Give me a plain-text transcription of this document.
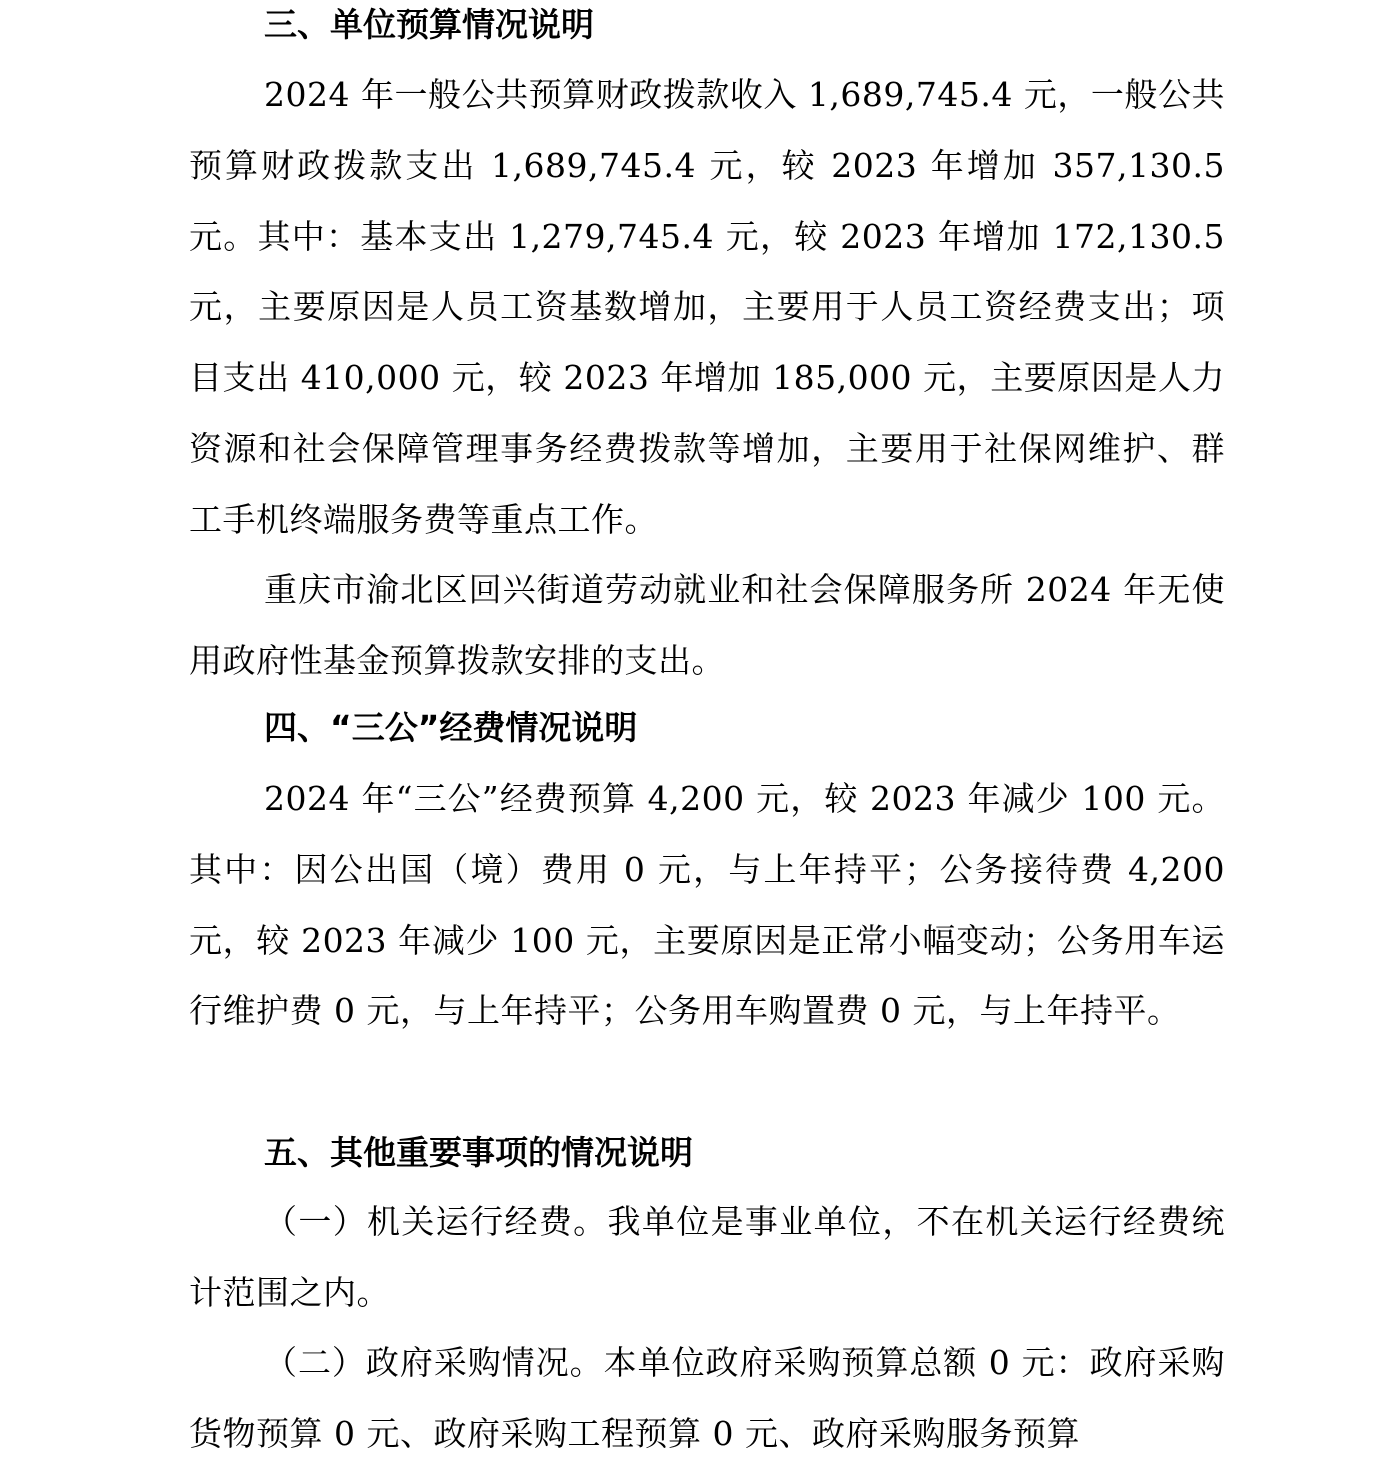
三、单位预算情况说明

2024 年一般公共预算财政拨款收入 1,689,745.4 元，一般公共预算财政拨款支出 1,689,745.4 元，较 2023 年增加 357,130.5 元。其中：基本支出 1,279,745.4 元，较 2023 年增加 172,130.5 元，主要原因是人员工资基数增加，主要用于人员工资经费支出；项目支出 410,000 元，较 2023 年增加 185,000 元，主要原因是人力资源和社会保障管理事务经费拨款等增加，主要用于社保网维护、群工手机终端服务费等重点工作。

重庆市渝北区回兴街道劳动就业和社会保障服务所 2024 年无使用政府性基金预算拨款安排的支出。

四、“三公”经费情况说明

2024 年“三公”经费预算 4,200 元，较 2023 年减少 100 元。其中：因公出国（境）费用 0 元，与上年持平；公务接待费 4,200 元，较 2023 年减少 100 元，主要原因是正常小幅变动；公务用车运行维护费 0 元，与上年持平；公务用车购置费 0 元，与上年持平。

五、其他重要事项的情况说明

（一）机关运行经费。我单位是事业单位，不在机关运行经费统计范围之内。

（二）政府采购情况。本单位政府采购预算总额 0 元：政府采购货物预算 0 元、政府采购工程预算 0 元、政府采购服务预算
